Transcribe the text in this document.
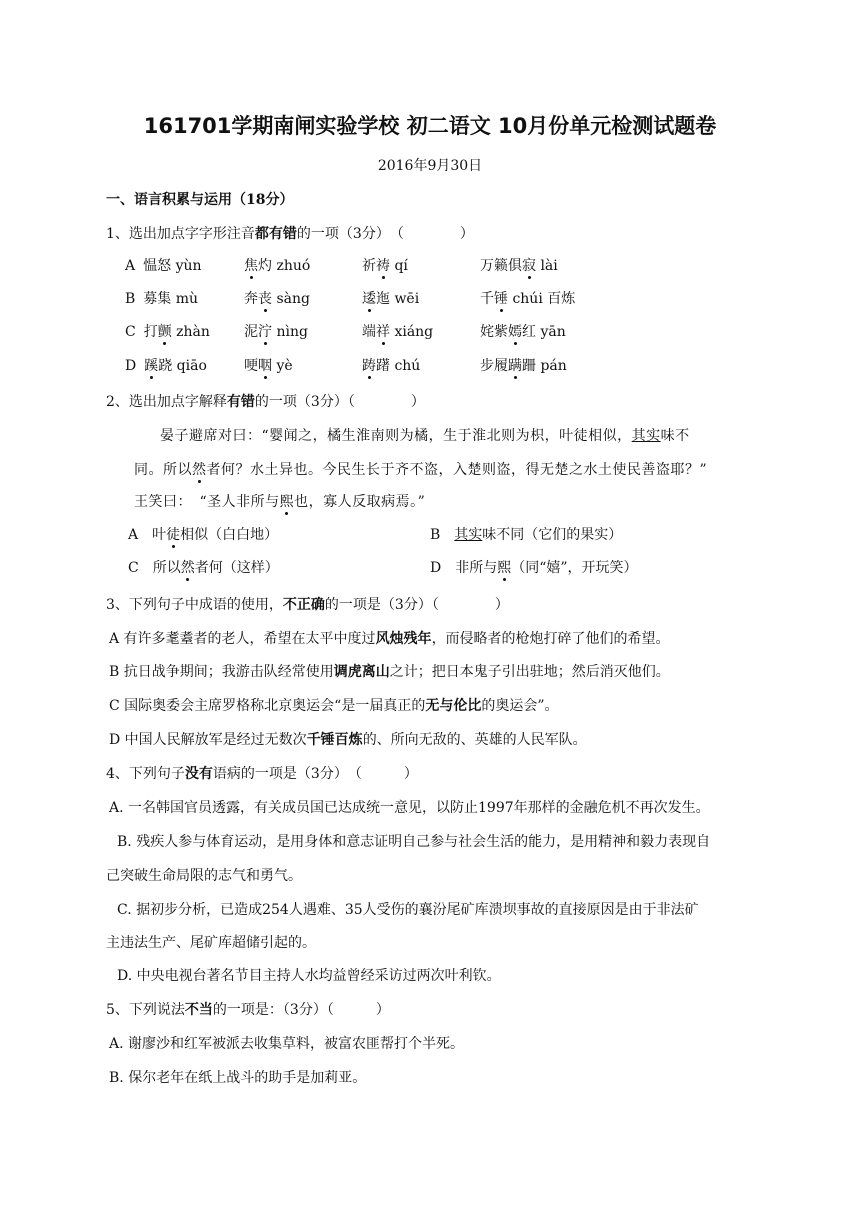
161701学期南闸实验学校 初二语文 10月份单元检测试题卷
2016年9月30日
一、语言积累与运用（18分）
1、选出加点字字形注音都有错的一项（3分）　（　　　　）
A 愠怒 yùn	焦灼 zhuó	祈祷 qí	万籁俱寂 lài
B 募集 mù	奔丧 sàng	逶迤 wēi	千锤 chúi 百炼
C 打颤 zhàn 泥泞 nìng	端祥 xiáng	姹紫嫣红 yān
D 蹊跷 qiāo	哽咽 yè	踌躇 chú	步履蹒跚 pán
2、选出加点字解释有错的一项（3分）（　　　　）
晏子避席对曰：“婴闻之，橘生淮南则为橘，生于淮北则为枳，叶徒相似，其实味不
同。所以然者何？水土异也。今民生长于齐不盗，入楚则盗，得无楚之水土使民善盗耶？”
王笑曰：　“圣人非所与熙也，寡人反取病焉。”
A　叶徒相似（白白地）	B　其实味不同（它们的果实）
C　所以然者何（这样）	D　非所与熙（同“嬉”，开玩笑）
3、下列句子中成语的使用，不正确的一项是（3分）（　　　　）
A 有许多耄耋者的老人，希望在太平中度过风烛残年，而侵略者的枪炮打碎了他们的希望。
B 抗日战争期间；我游击队经常使用调虎离山之计；把日本鬼子引出驻地；然后消灭他们。
C 国际奥委会主席罗格称北京奥运会“是一届真正的无与伦比的奥运会”。
D 中国人民解放军是经过无数次千锤百炼的、所向无敌的、英雄的人民军队。
4、下列句子没有语病的一项是（3分）　（　　　）
A. 一名韩国官员透露，有关成员国已达成统一意见，以防止1997年那样的金融危机不再次发生。
B. 残疾人参与体育运动，是用身体和意志证明自己参与社会生活的能力，是用精神和毅力表现自
己突破生命局限的志气和勇气。
C. 据初步分析，已造成254人遇难、35人受伤的襄汾尾矿库溃坝事故的直接原因是由于非法矿
主违法生产、尾矿库超储引起的。
D. 中央电视台著名节目主持人水均益曾经采访过两次叶利钦。
5、下列说法不当的一项是：（3分）（　　　）
A. 谢廖沙和红军被派去收集草料，被富农匪帮打个半死。
B. 保尔老年在纸上战斗的助手是加莉亚。
